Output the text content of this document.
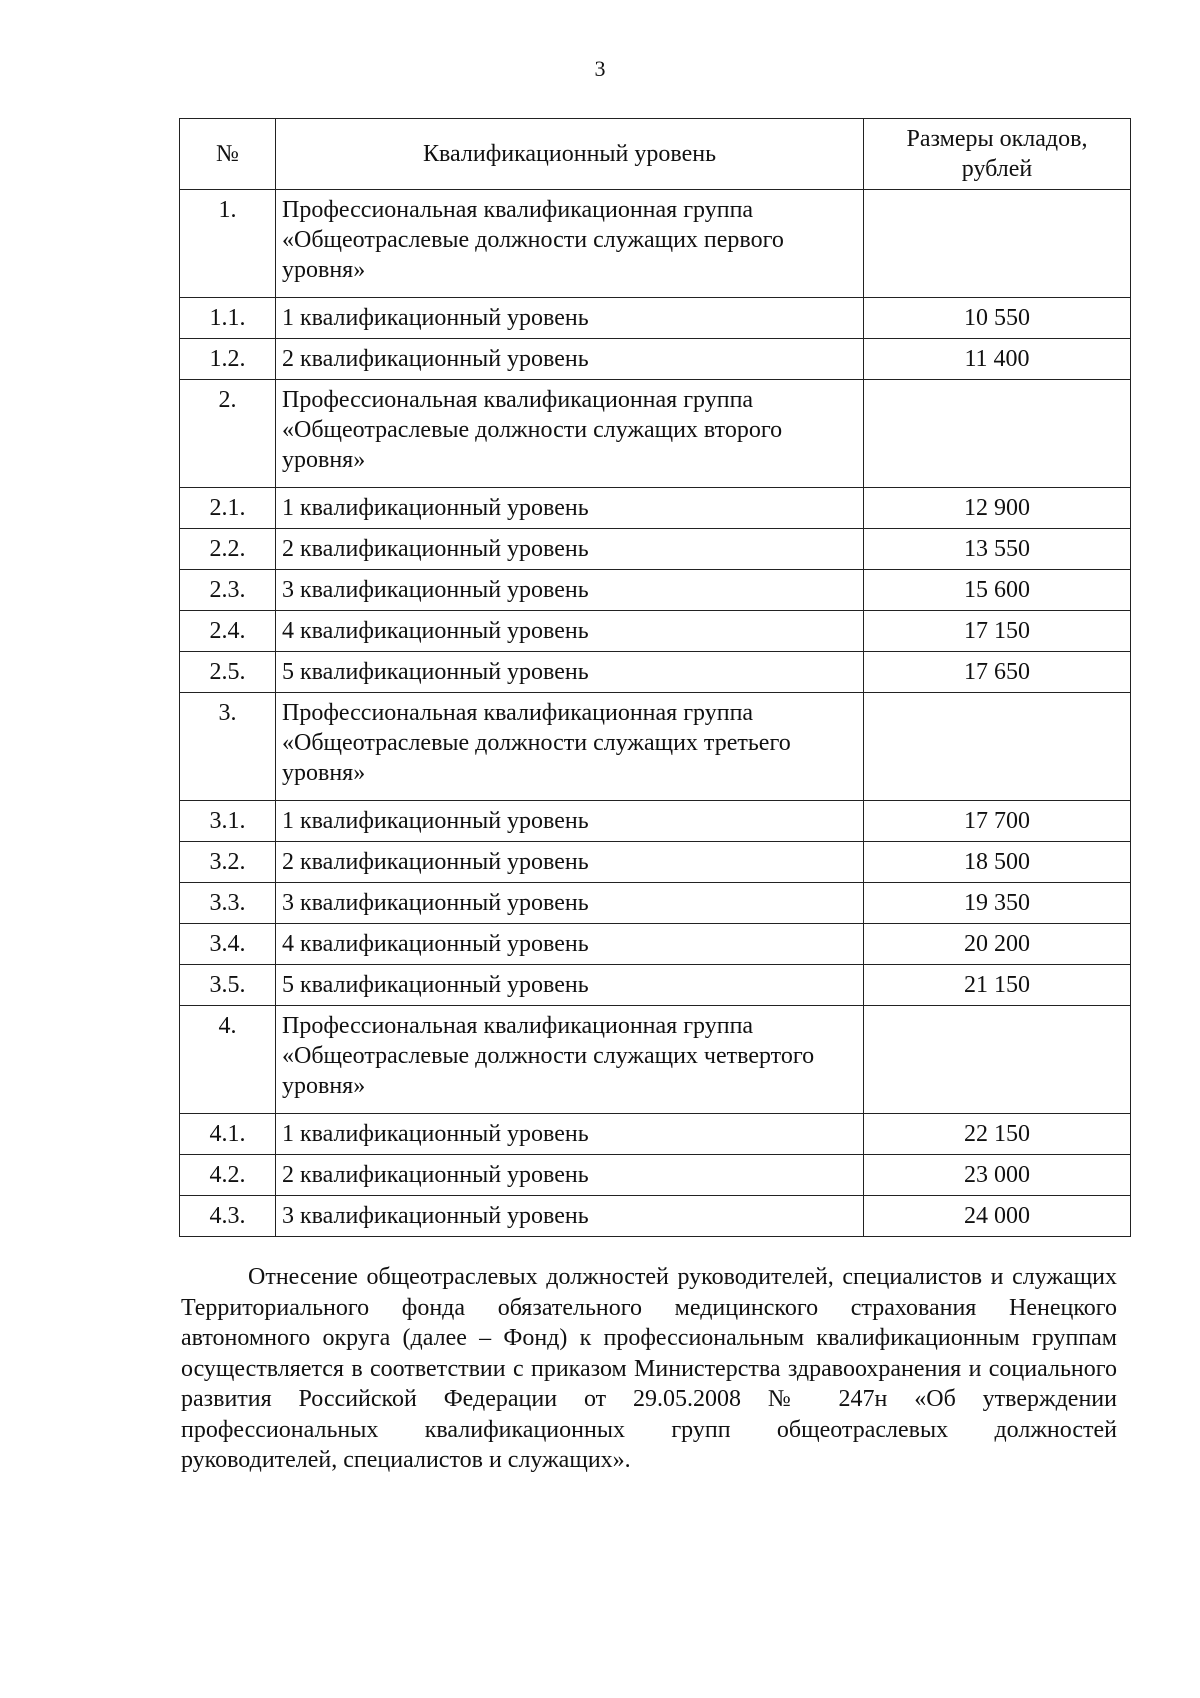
3
№	Квалификационный уровень	Размеры окладов, рублей
1.	Профессиональная квалификационная группа «Общеотраслевые должности служащих первого уровня»	
1.1.	1 квалификационный уровень	10 550
1.2.	2 квалификационный уровень	11 400
2.	Профессиональная квалификационная группа «Общеотраслевые должности служащих второго уровня»	
2.1.	1 квалификационный уровень	12 900
2.2.	2 квалификационный уровень	13 550
2.3.	3 квалификационный уровень	15 600
2.4.	4 квалификационный уровень	17 150
2.5.	5 квалификационный уровень	17 650
3.	Профессиональная квалификационная группа «Общеотраслевые должности служащих третьего уровня»	
3.1.	1 квалификационный уровень	17 700
3.2.	2 квалификационный уровень	18 500
3.3.	3 квалификационный уровень	19 350
3.4.	4 квалификационный уровень	20 200
3.5.	5 квалификационный уровень	21 150
4.	Профессиональная квалификационная группа «Общеотраслевые должности служащих четвертого уровня»	
4.1.	1 квалификационный уровень	22 150
4.2.	2 квалификационный уровень	23 000
4.3.	3 квалификационный уровень	24 000

Отнесение общеотраслевых должностей руководителей, специалистов и служащих Территориального фонда обязательного медицинского страхования Ненецкого автономного округа (далее – Фонд) к профессиональным квалификационным группам осуществляется в соответствии с приказом Министерства здравоохранения и социального развития Российской Федерации от 29.05.2008 № 247н «Об утверждении профессиональных квалификационных групп общеотраслевых должностей руководителей, специалистов и служащих».
